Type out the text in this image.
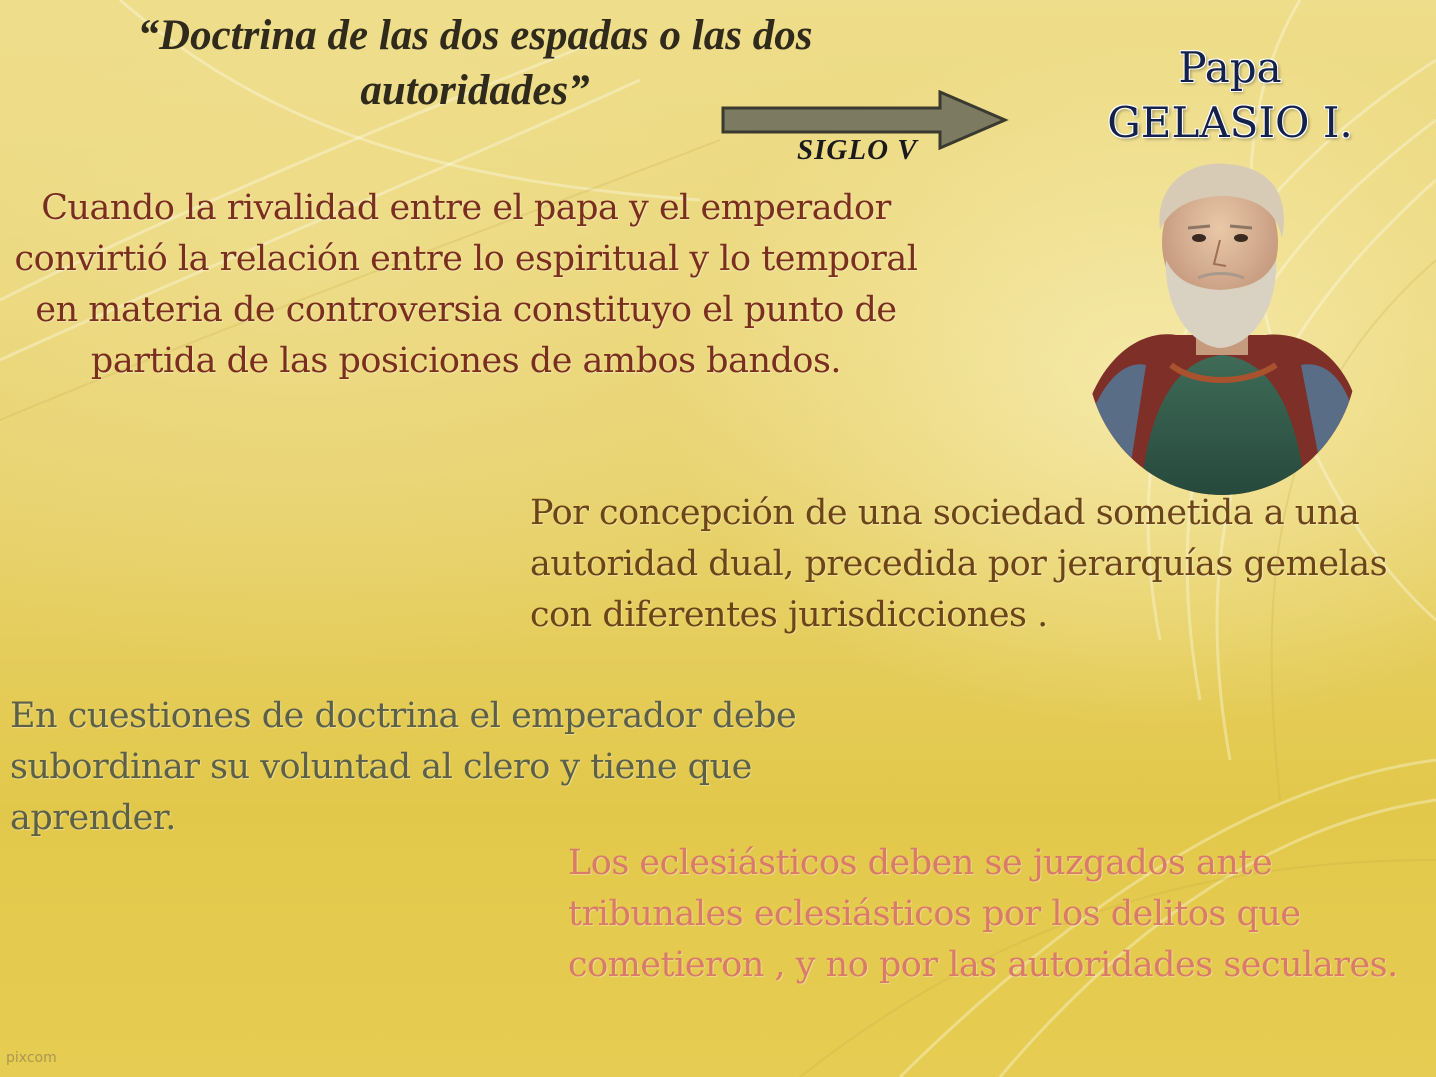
“Doctrina de las dos espadas o las dos autoridades”
SIGLO V
Papa
GELASIO I.
Cuando la rivalidad entre el papa y el emperador convirtió la relación entre lo espiritual y lo temporal en materia de controversia constituyo el punto de partida de las posiciones de ambos bandos.
Por concepción de una sociedad sometida a una autoridad dual, precedida por jerarquías gemelas con diferentes jurisdicciones .
En cuestiones de doctrina el emperador debe subordinar su voluntad al clero y tiene que aprender.
Los eclesiásticos deben se juzgados ante tribunales eclesiásticos por los delitos que cometieron , y no por las autoridades seculares.
pixcom
